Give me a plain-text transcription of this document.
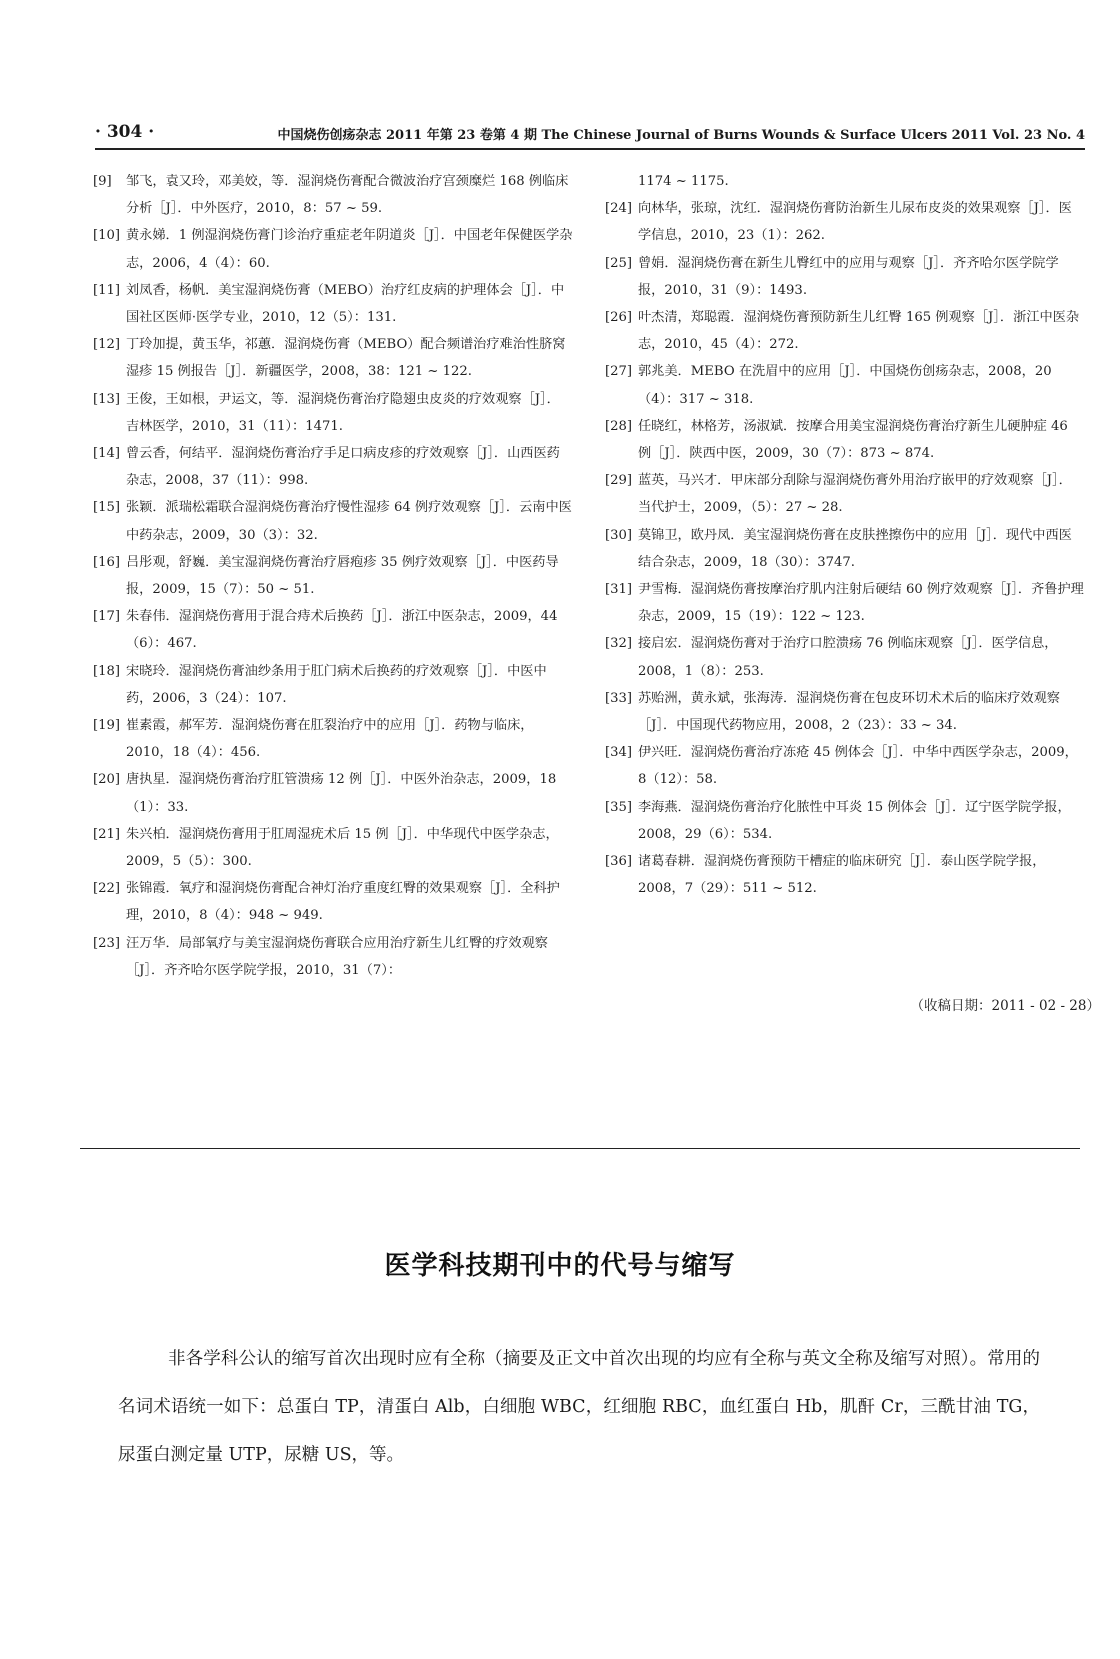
· 304 ·	中国烧伤创疡杂志 2011 年第 23 卷第 4 期 The Chinese Journal of Burns Wounds & Surface Ulcers 2011 Vol. 23 No. 4

[9] 邹飞，袁又玲，邓美姣，等．湿润烧伤膏配合微波治疗宫颈糜烂 168 例临床分析［J］．中外医疗，2010，8：57 ~ 59.

[10] 黄永娣．1 例湿润烧伤膏门诊治疗重症老年阴道炎［J］．中国老年保健医学杂志，2006，4（4）：60.

[11] 刘凤香，杨帆．美宝湿润烧伤膏（MEBO）治疗红皮病的护理体会［J］．中国社区医师·医学专业，2010，12（5）：131.

[12] 丁玲加提，黄玉华，祁蕙．湿润烧伤膏（MEBO）配合频谱治疗难治性脐窝湿疹 15 例报告［J］．新疆医学，2008，38：121 ~ 122.

[13] 王俊，王如根，尹运文，等．湿润烧伤膏治疗隐翅虫皮炎的疗效观察［J］．吉林医学，2010，31（11）：1471.

[14] 曾云香，何结平．湿润烧伤膏治疗手足口病皮疹的疗效观察［J］．山西医药杂志，2008，37（11）：998.

[15] 张颖．派瑞松霜联合湿润烧伤膏治疗慢性湿疹 64 例疗效观察［J］．云南中医中药杂志，2009，30（3）：32.

[16] 吕彤观，舒巍．美宝湿润烧伤膏治疗唇疱疹 35 例疗效观察［J］．中医药导报，2009，15（7）：50 ~ 51.

[17] 朱春伟．湿润烧伤膏用于混合痔术后换药［J］．浙江中医杂志，2009，44（6）：467.

[18] 宋晓玲．湿润烧伤膏油纱条用于肛门病术后换药的疗效观察［J］．中医中药，2006，3（24）：107.

[19] 崔素霞，郝军芳．湿润烧伤膏在肛裂治疗中的应用［J］．药物与临床，2010，18（4）：456.

[20] 唐执星．湿润烧伤膏治疗肛管溃疡 12 例［J］．中医外治杂志，2009，18（1）：33.

[21] 朱兴柏．湿润烧伤膏用于肛周湿疣术后 15 例［J］．中华现代中医学杂志，2009，5（5）：300.

[22] 张锦霞．氧疗和湿润烧伤膏配合神灯治疗重度红臀的效果观察［J］．全科护理，2010，8（4）：948 ~ 949.

[23] 汪万华．局部氧疗与美宝湿润烧伤膏联合应用治疗新生儿红臀的疗效观察［J］．齐齐哈尔医学院学报，2010，31（7）：

1174 ~ 1175.

[24] 向林华，张琼，沈红．湿润烧伤膏防治新生儿尿布皮炎的效果观察［J］．医学信息，2010，23（1）：262.

[25] 曾娟．湿润烧伤膏在新生儿臀红中的应用与观察［J］．齐齐哈尔医学院学报，2010，31（9）：1493.

[26] 叶杰清，郑聪霞．湿润烧伤膏预防新生儿红臀 165 例观察［J］．浙江中医杂志，2010，45（4）：272.

[27] 郭兆美．MEBO 在洗眉中的应用［J］．中国烧伤创疡杂志，2008，20（4）：317 ~ 318.

[28] 任晓红，林格芳，汤淑斌．按摩合用美宝湿润烧伤膏治疗新生儿硬肿症 46 例［J］．陕西中医，2009，30（7）：873 ~ 874.

[29] 蓝英，马兴才．甲床部分刮除与湿润烧伤膏外用治疗嵌甲的疗效观察［J］．当代护士，2009，（5）：27 ~ 28.

[30] 莫锦卫，欧丹凤．美宝湿润烧伤膏在皮肤挫擦伤中的应用［J］．现代中西医结合杂志，2009，18（30）：3747.

[31] 尹雪梅．湿润烧伤膏按摩治疗肌内注射后硬结 60 例疗效观察［J］．齐鲁护理杂志，2009，15（19）：122 ~ 123.

[32] 接启宏．湿润烧伤膏对于治疗口腔溃疡 76 例临床观察［J］．医学信息，2008，1（8）：253.

[33] 苏贻洲，黄永斌，张海涛．湿润烧伤膏在包皮环切术术后的临床疗效观察［J］．中国现代药物应用，2008，2（23）：33 ~ 34.

[34] 伊兴旺．湿润烧伤膏治疗冻疮 45 例体会［J］．中华中西医学杂志，2009，8（12）：58.

[35] 李海燕．湿润烧伤膏治疗化脓性中耳炎 15 例体会［J］．辽宁医学院学报，2008，29（6）：534.

[36] 诸葛春耕．湿润烧伤膏预防干槽症的临床研究［J］．泰山医学院学报，2008，7（29）：511 ~ 512.

（收稿日期：2011 - 02 - 28）
医学科技期刊中的代号与缩写

非各学科公认的缩写首次出现时应有全称（摘要及正文中首次出现的均应有全称与英文全称及缩写对照）。常用的名词术语统一如下：总蛋白 TP，清蛋白 Alb，白细胞 WBC，红细胞 RBC，血红蛋白 Hb，肌酐 Cr，三酰甘油 TG，尿蛋白测定量 UTP，尿糖 US，等。
